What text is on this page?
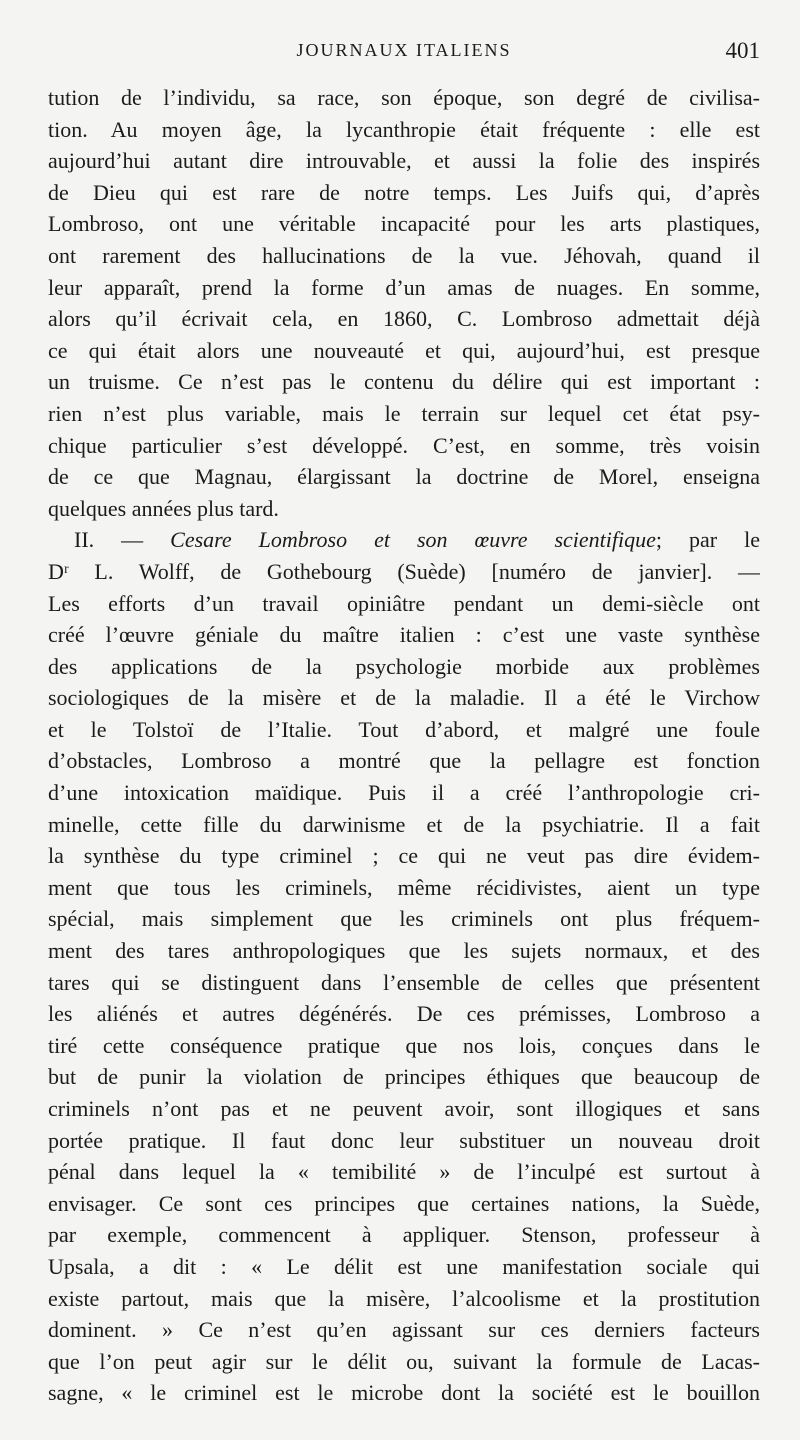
JOURNAUX ITALIENS	401
tution de l’individu, sa race, son époque, son degré de civilisa-
tion. Au moyen âge, la lycanthropie était fréquente : elle est
aujourd’hui autant dire introuvable, et aussi la folie des inspirés
de Dieu qui est rare de notre temps. Les Juifs qui, d’après
Lombroso, ont une véritable incapacité pour les arts plastiques,
ont rarement des hallucinations de la vue. Jéhovah, quand il
leur apparaît, prend la forme d’un amas de nuages. En somme,
alors qu’il écrivait cela, en 1860, C. Lombroso admettait déjà
ce qui était alors une nouveauté et qui, aujourd’hui, est presque
un truisme. Ce n’est pas le contenu du délire qui est important :
rien n’est plus variable, mais le terrain sur lequel cet état psy-
chique particulier s’est développé. C’est, en somme, très voisin
de ce que Magnau, élargissant la doctrine de Morel, enseigna
quelques années plus tard.
II. — Cesare Lombroso et son œuvre scientifique; par le
Dʳ L. Wolff, de Gothebourg (Suède) [numéro de janvier]. —
Les efforts d’un travail opiniâtre pendant un demi-siècle ont
créé l’œuvre géniale du maître italien : c’est une vaste synthèse
des applications de la psychologie morbide aux problèmes
sociologiques de la misère et de la maladie. Il a été le Virchow
et le Tolstoï de l’Italie. Tout d’abord, et malgré une foule
d’obstacles, Lombroso a montré que la pellagre est fonction
d’une intoxication maïdique. Puis il a créé l’anthropologie cri-
minelle, cette fille du darwinisme et de la psychiatrie. Il a fait
la synthèse du type criminel ; ce qui ne veut pas dire évidem-
ment que tous les criminels, même récidivistes, aient un type
spécial, mais simplement que les criminels ont plus fréquem-
ment des tares anthropologiques que les sujets normaux, et des
tares qui se distinguent dans l’ensemble de celles que présentent
les aliénés et autres dégénérés. De ces prémisses, Lombroso a
tiré cette conséquence pratique que nos lois, conçues dans le
but de punir la violation de principes éthiques que beaucoup de
criminels n’ont pas et ne peuvent avoir, sont illogiques et sans
portée pratique. Il faut donc leur substituer un nouveau droit
pénal dans lequel la « temibilité » de l’inculpé est surtout à
envisager. Ce sont ces principes que certaines nations, la Suède,
par exemple, commencent à appliquer. Stenson, professeur à
Upsala, a dit : « Le délit est une manifestation sociale qui
existe partout, mais que la misère, l’alcoolisme et la prostitution
dominent. » Ce n’est qu’en agissant sur ces derniers facteurs
que l’on peut agir sur le délit ou, suivant la formule de Lacas-
sagne, « le criminel est le microbe dont la société est le bouillon
